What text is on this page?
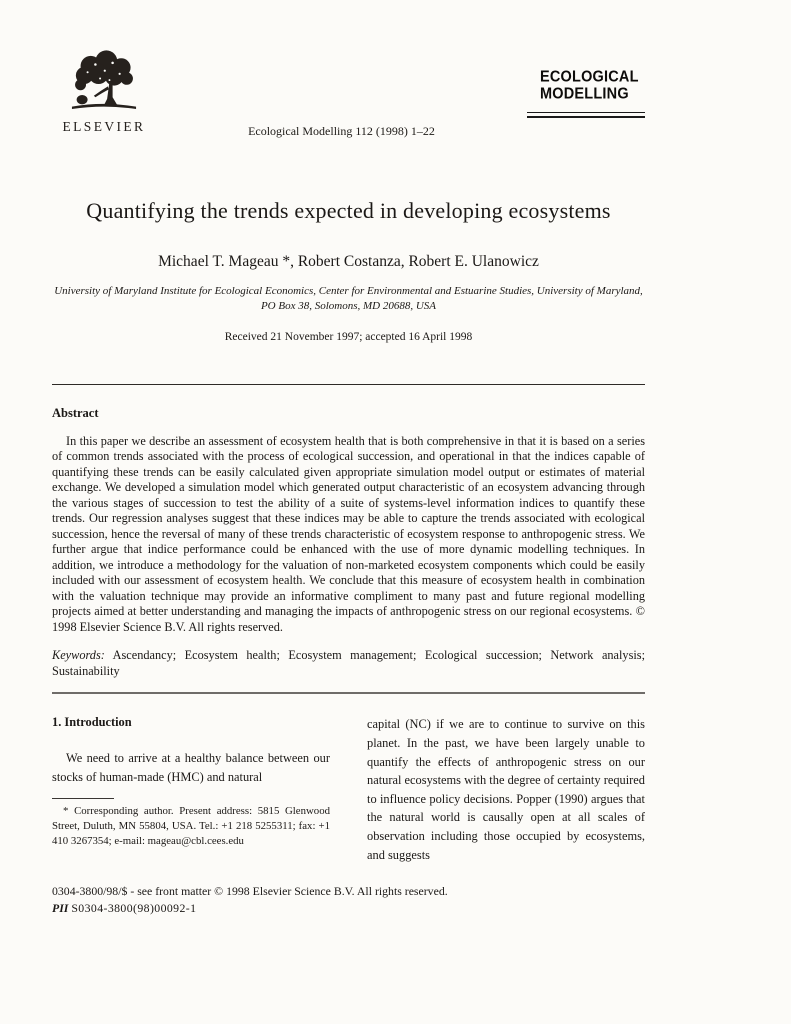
ELSEVIER	Ecological Modelling 112 (1998) 1–22
ECOLOGICAL
MODELLING
Quantifying the trends expected in developing ecosystems
Michael T. Mageau *, Robert Costanza, Robert E. Ulanowicz
University of Maryland Institute for Ecological Economics, Center for Environmental and Estuarine Studies, University of Maryland,
PO Box 38, Solomons, MD 20688, USA
Received 21 November 1997; accepted 16 April 1998
Abstract

In this paper we describe an assessment of ecosystem health that is both comprehensive in that it is based on a series of common trends associated with the process of ecological succession, and operational in that the indices capable of quantifying these trends can be easily calculated given appropriate simulation model output or estimates of material exchange. We developed a simulation model which generated output characteristic of an ecosystem advancing through the various stages of succession to test the ability of a suite of systems-level information indices to quantify these trends. Our regression analyses suggest that these indices may be able to capture the trends associated with ecological succession, hence the reversal of many of these trends characteristic of ecosystem response to anthropogenic stress. We further argue that indice performance could be enhanced with the use of more dynamic modelling techniques. In addition, we introduce a methodology for the valuation of non-marketed ecosystem components which could be easily included with our assessment of ecosystem health. We conclude that this measure of ecosystem health in combination with the valuation technique may provide an informative compliment to many past and future regional modelling projects aimed at better understanding and managing the impacts of anthropogenic stress on our regional ecosystems. © 1998 Elsevier Science B.V. All rights reserved.

Keywords: Ascendancy; Ecosystem health; Ecosystem management; Ecological succession; Network analysis; Sustainability

1. Introduction

We need to arrive at a healthy balance between our stocks of human-made (HMC) and natural

* Corresponding author. Present address: 5815 Glenwood Street, Duluth, MN 55804, USA. Tel.: +1 218 5255311; fax: +1 410 3267354; e-mail: mageau@cbl.cees.edu

capital (NC) if we are to continue to survive on this planet. In the past, we have been largely unable to quantify the effects of anthropogenic stress on our natural ecosystems with the degree of certainty required to influence policy decisions. Popper (1990) argues that the natural world is causally open at all scales of observation including those occupied by ecosystems, and suggests

0304-3800/98/$ - see front matter © 1998 Elsevier Science B.V. All rights reserved.
PII S0304-3800(98)00092-1
